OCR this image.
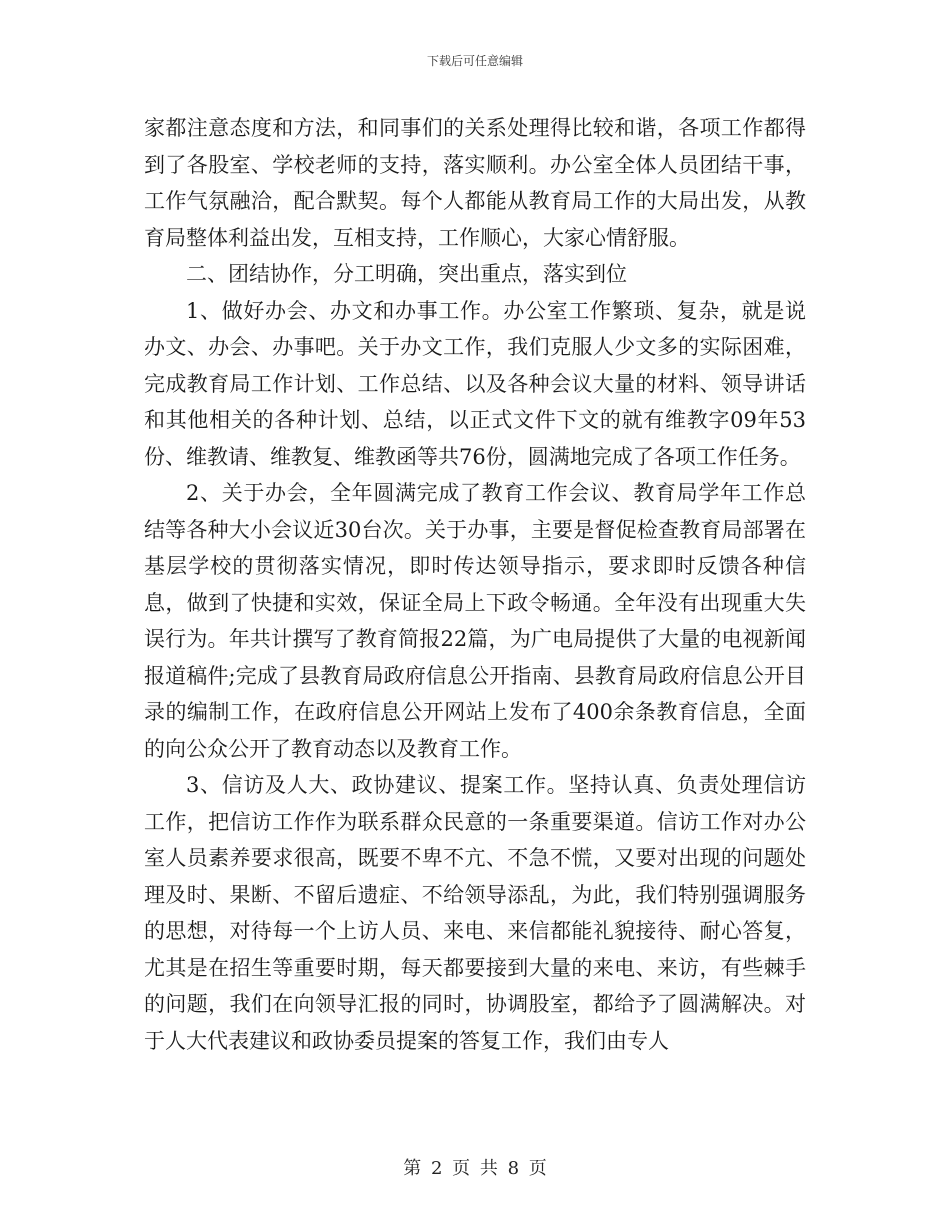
下载后可任意编辑

家都注意态度和方法，和同事们的关系处理得比较和谐，各项工作都得到了各股室、学校老师的支持，落实顺利。办公室全体人员团结干事，工作气氛融洽，配合默契。每个人都能从教育局工作的大局出发，从教育局整体利益出发，互相支持，工作顺心，大家心情舒服。

二、团结协作，分工明确，突出重点，落实到位

1、做好办会、办文和办事工作。办公室工作繁琐、复杂，就是说办文、办会、办事吧。关于办文工作，我们克服人少文多的实际困难，完成教育局工作计划、工作总结、以及各种会议大量的材料、领导讲话和其他相关的各种计划、总结，以正式文件下文的就有维教字09年53份、维教请、维教复、维教函等共76份，圆满地完成了各项工作任务。

2、关于办会，全年圆满完成了教育工作会议、教育局学年工作总结等各种大小会议近30台次。关于办事，主要是督促检查教育局部署在基层学校的贯彻落实情况，即时传达领导指示，要求即时反馈各种信息，做到了快捷和实效，保证全局上下政令畅通。全年没有出现重大失误行为。年共计撰写了教育简报22篇，为广电局提供了大量的电视新闻报道稿件;完成了县教育局政府信息公开指南、县教育局政府信息公开目录的编制工作，在政府信息公开网站上发布了400余条教育信息，全面的向公众公开了教育动态以及教育工作。

3、信访及人大、政协建议、提案工作。坚持认真、负责处理信访工作，把信访工作作为联系群众民意的一条重要渠道。信访工作对办公室人员素养要求很高，既要不卑不亢、不急不慌，又要对出现的问题处理及时、果断、不留后遗症、不给领导添乱，为此，我们特别强调服务的思想，对待每一个上访人员、来电、来信都能礼貌接待、耐心答复，尤其是在招生等重要时期，每天都要接到大量的来电、来访，有些棘手的问题，我们在向领导汇报的同时，协调股室，都给予了圆满解决。对于人大代表建议和政协委员提案的答复工作，我们由专人

第 2 页 共 8 页
